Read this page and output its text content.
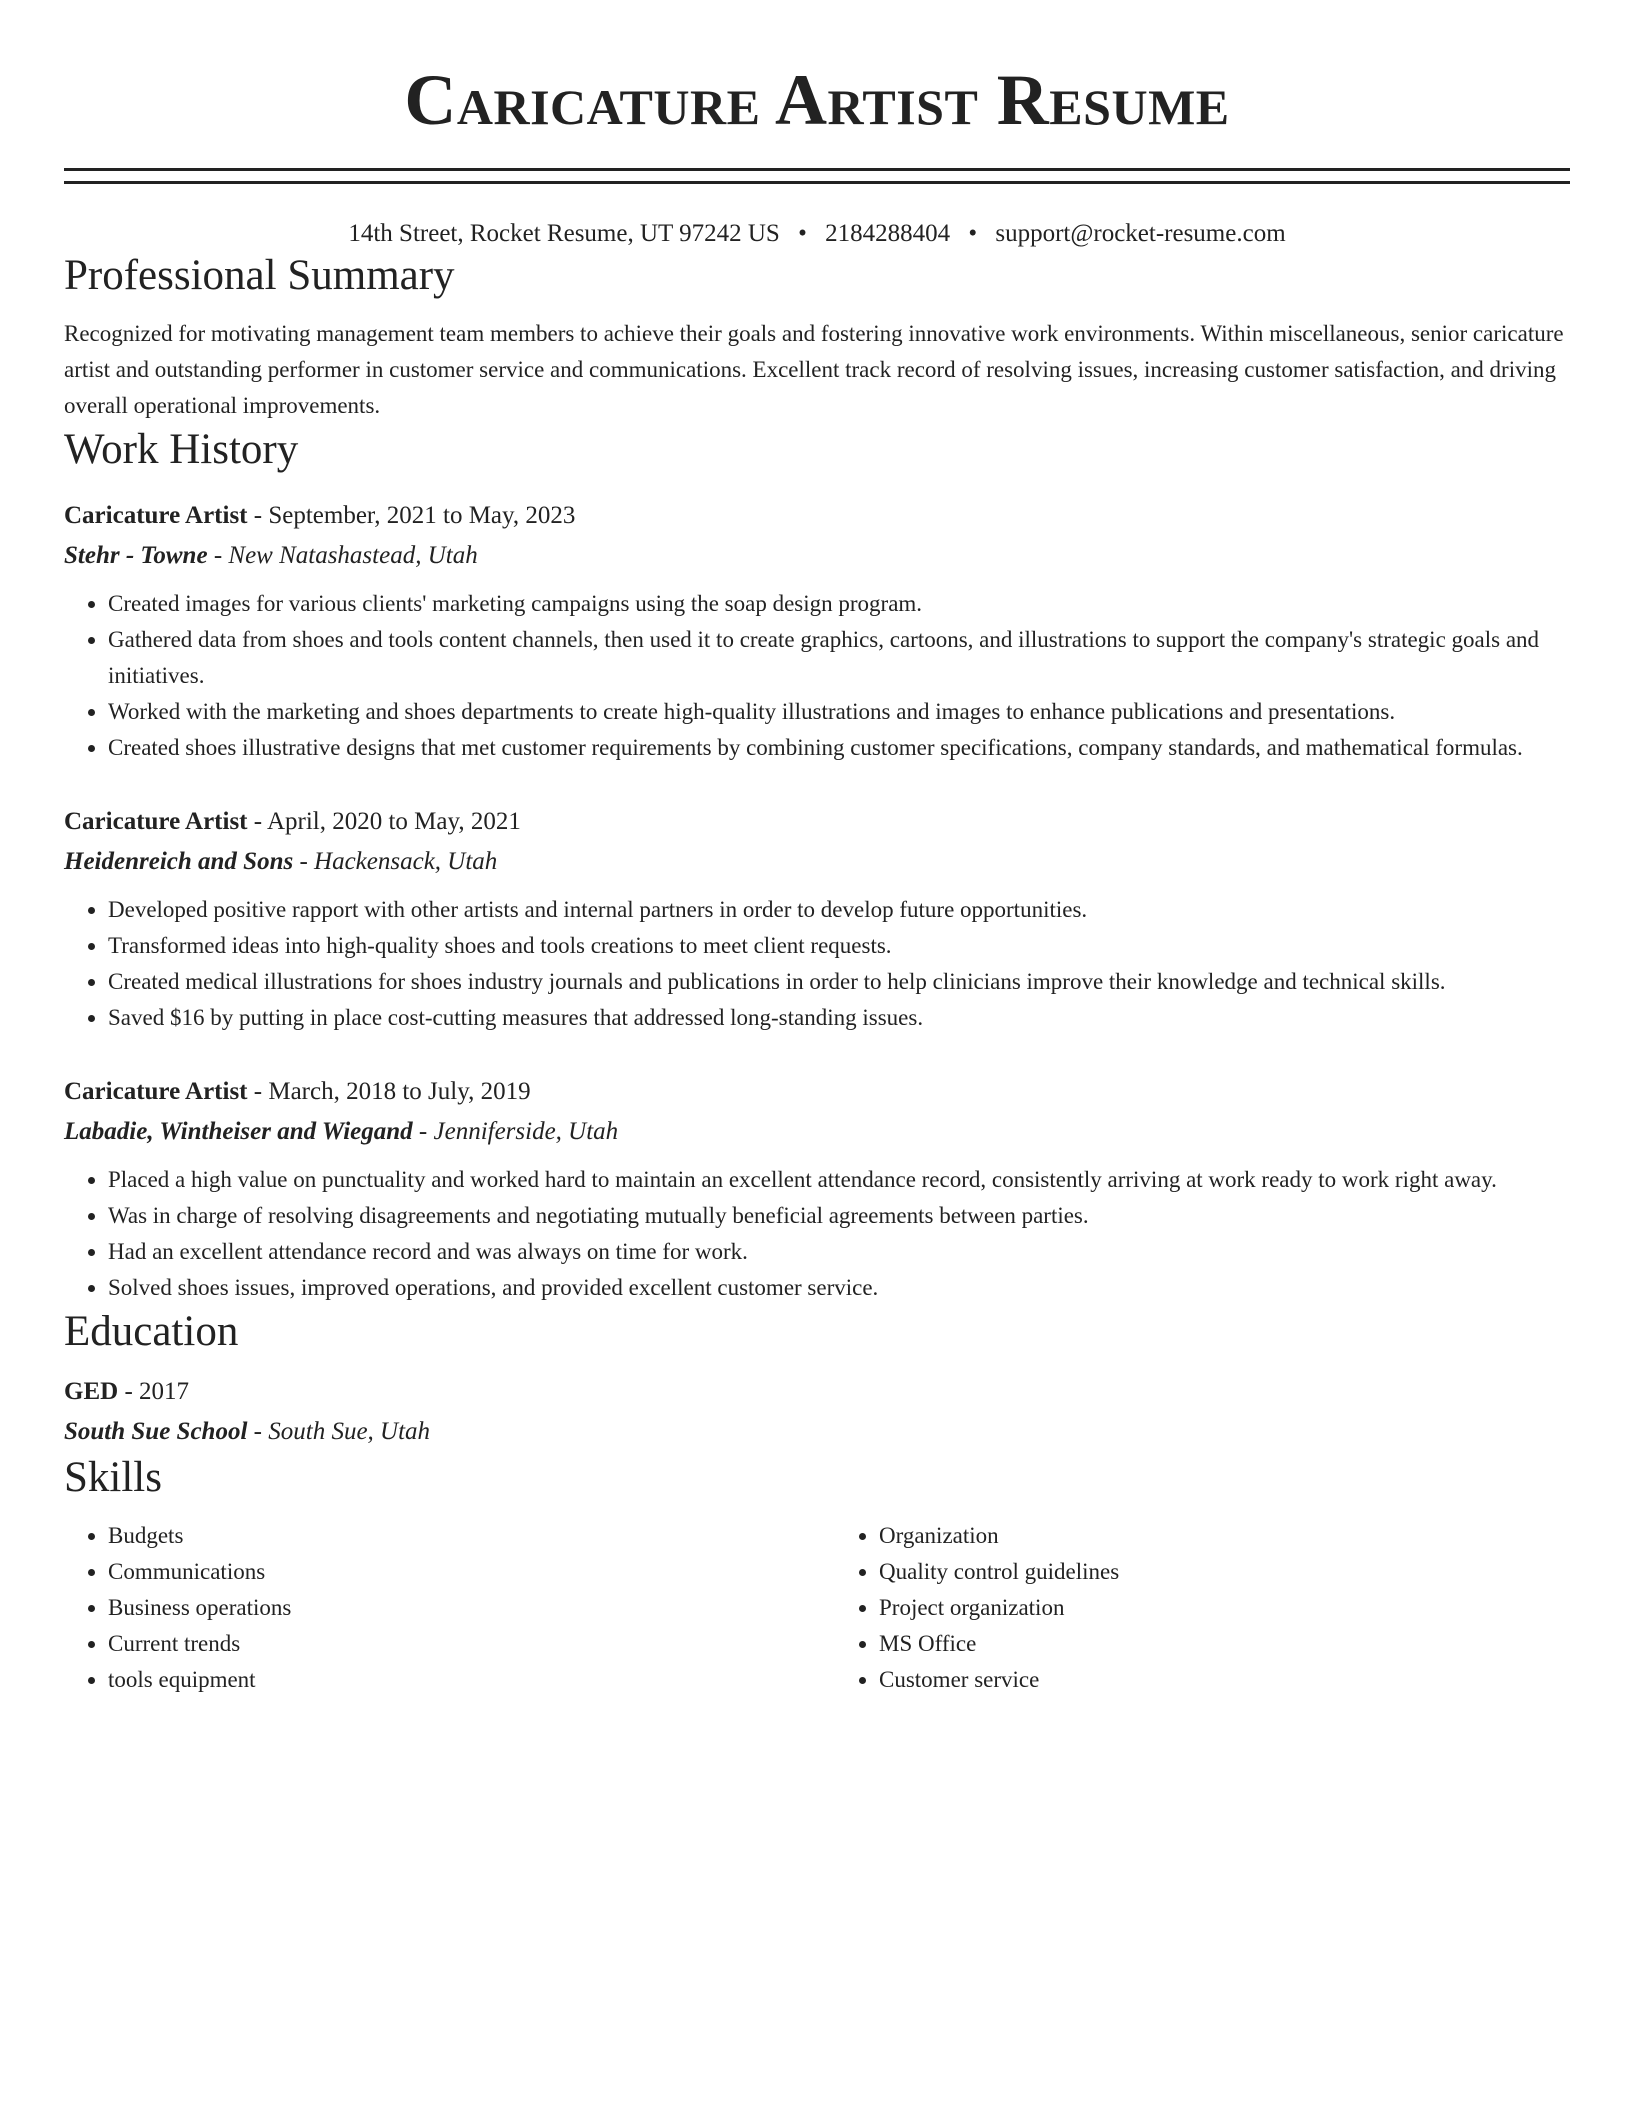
Caricature Artist Resume
14th Street, Rocket Resume, UT 97242 US • 2184288404 • support@rocket-resume.com
Professional Summary
Recognized for motivating management team members to achieve their goals and fostering innovative work environments. Within miscellaneous, senior caricature artist and outstanding performer in customer service and communications. Excellent track record of resolving issues, increasing customer satisfaction, and driving overall operational improvements.
Work History
Caricature Artist - September, 2021 to May, 2023
Stehr - Towne - New Natashastead, Utah
• Created images for various clients' marketing campaigns using the soap design program.
• Gathered data from shoes and tools content channels, then used it to create graphics, cartoons, and illustrations to support the company's strategic goals and initiatives.
• Worked with the marketing and shoes departments to create high-quality illustrations and images to enhance publications and presentations.
• Created shoes illustrative designs that met customer requirements by combining customer specifications, company standards, and mathematical formulas.
Caricature Artist - April, 2020 to May, 2021
Heidenreich and Sons - Hackensack, Utah
• Developed positive rapport with other artists and internal partners in order to develop future opportunities.
• Transformed ideas into high-quality shoes and tools creations to meet client requests.
• Created medical illustrations for shoes industry journals and publications in order to help clinicians improve their knowledge and technical skills.
• Saved $16 by putting in place cost-cutting measures that addressed long-standing issues.
Caricature Artist - March, 2018 to July, 2019
Labadie, Wintheiser and Wiegand - Jenniferside, Utah
• Placed a high value on punctuality and worked hard to maintain an excellent attendance record, consistently arriving at work ready to work right away.
• Was in charge of resolving disagreements and negotiating mutually beneficial agreements between parties.
• Had an excellent attendance record and was always on time for work.
• Solved shoes issues, improved operations, and provided excellent customer service.
Education
GED - 2017
South Sue School - South Sue, Utah
Skills
• Budgets
• Communications
• Business operations
• Current trends
• tools equipment
• Organization
• Quality control guidelines
• Project organization
• MS Office
• Customer service
